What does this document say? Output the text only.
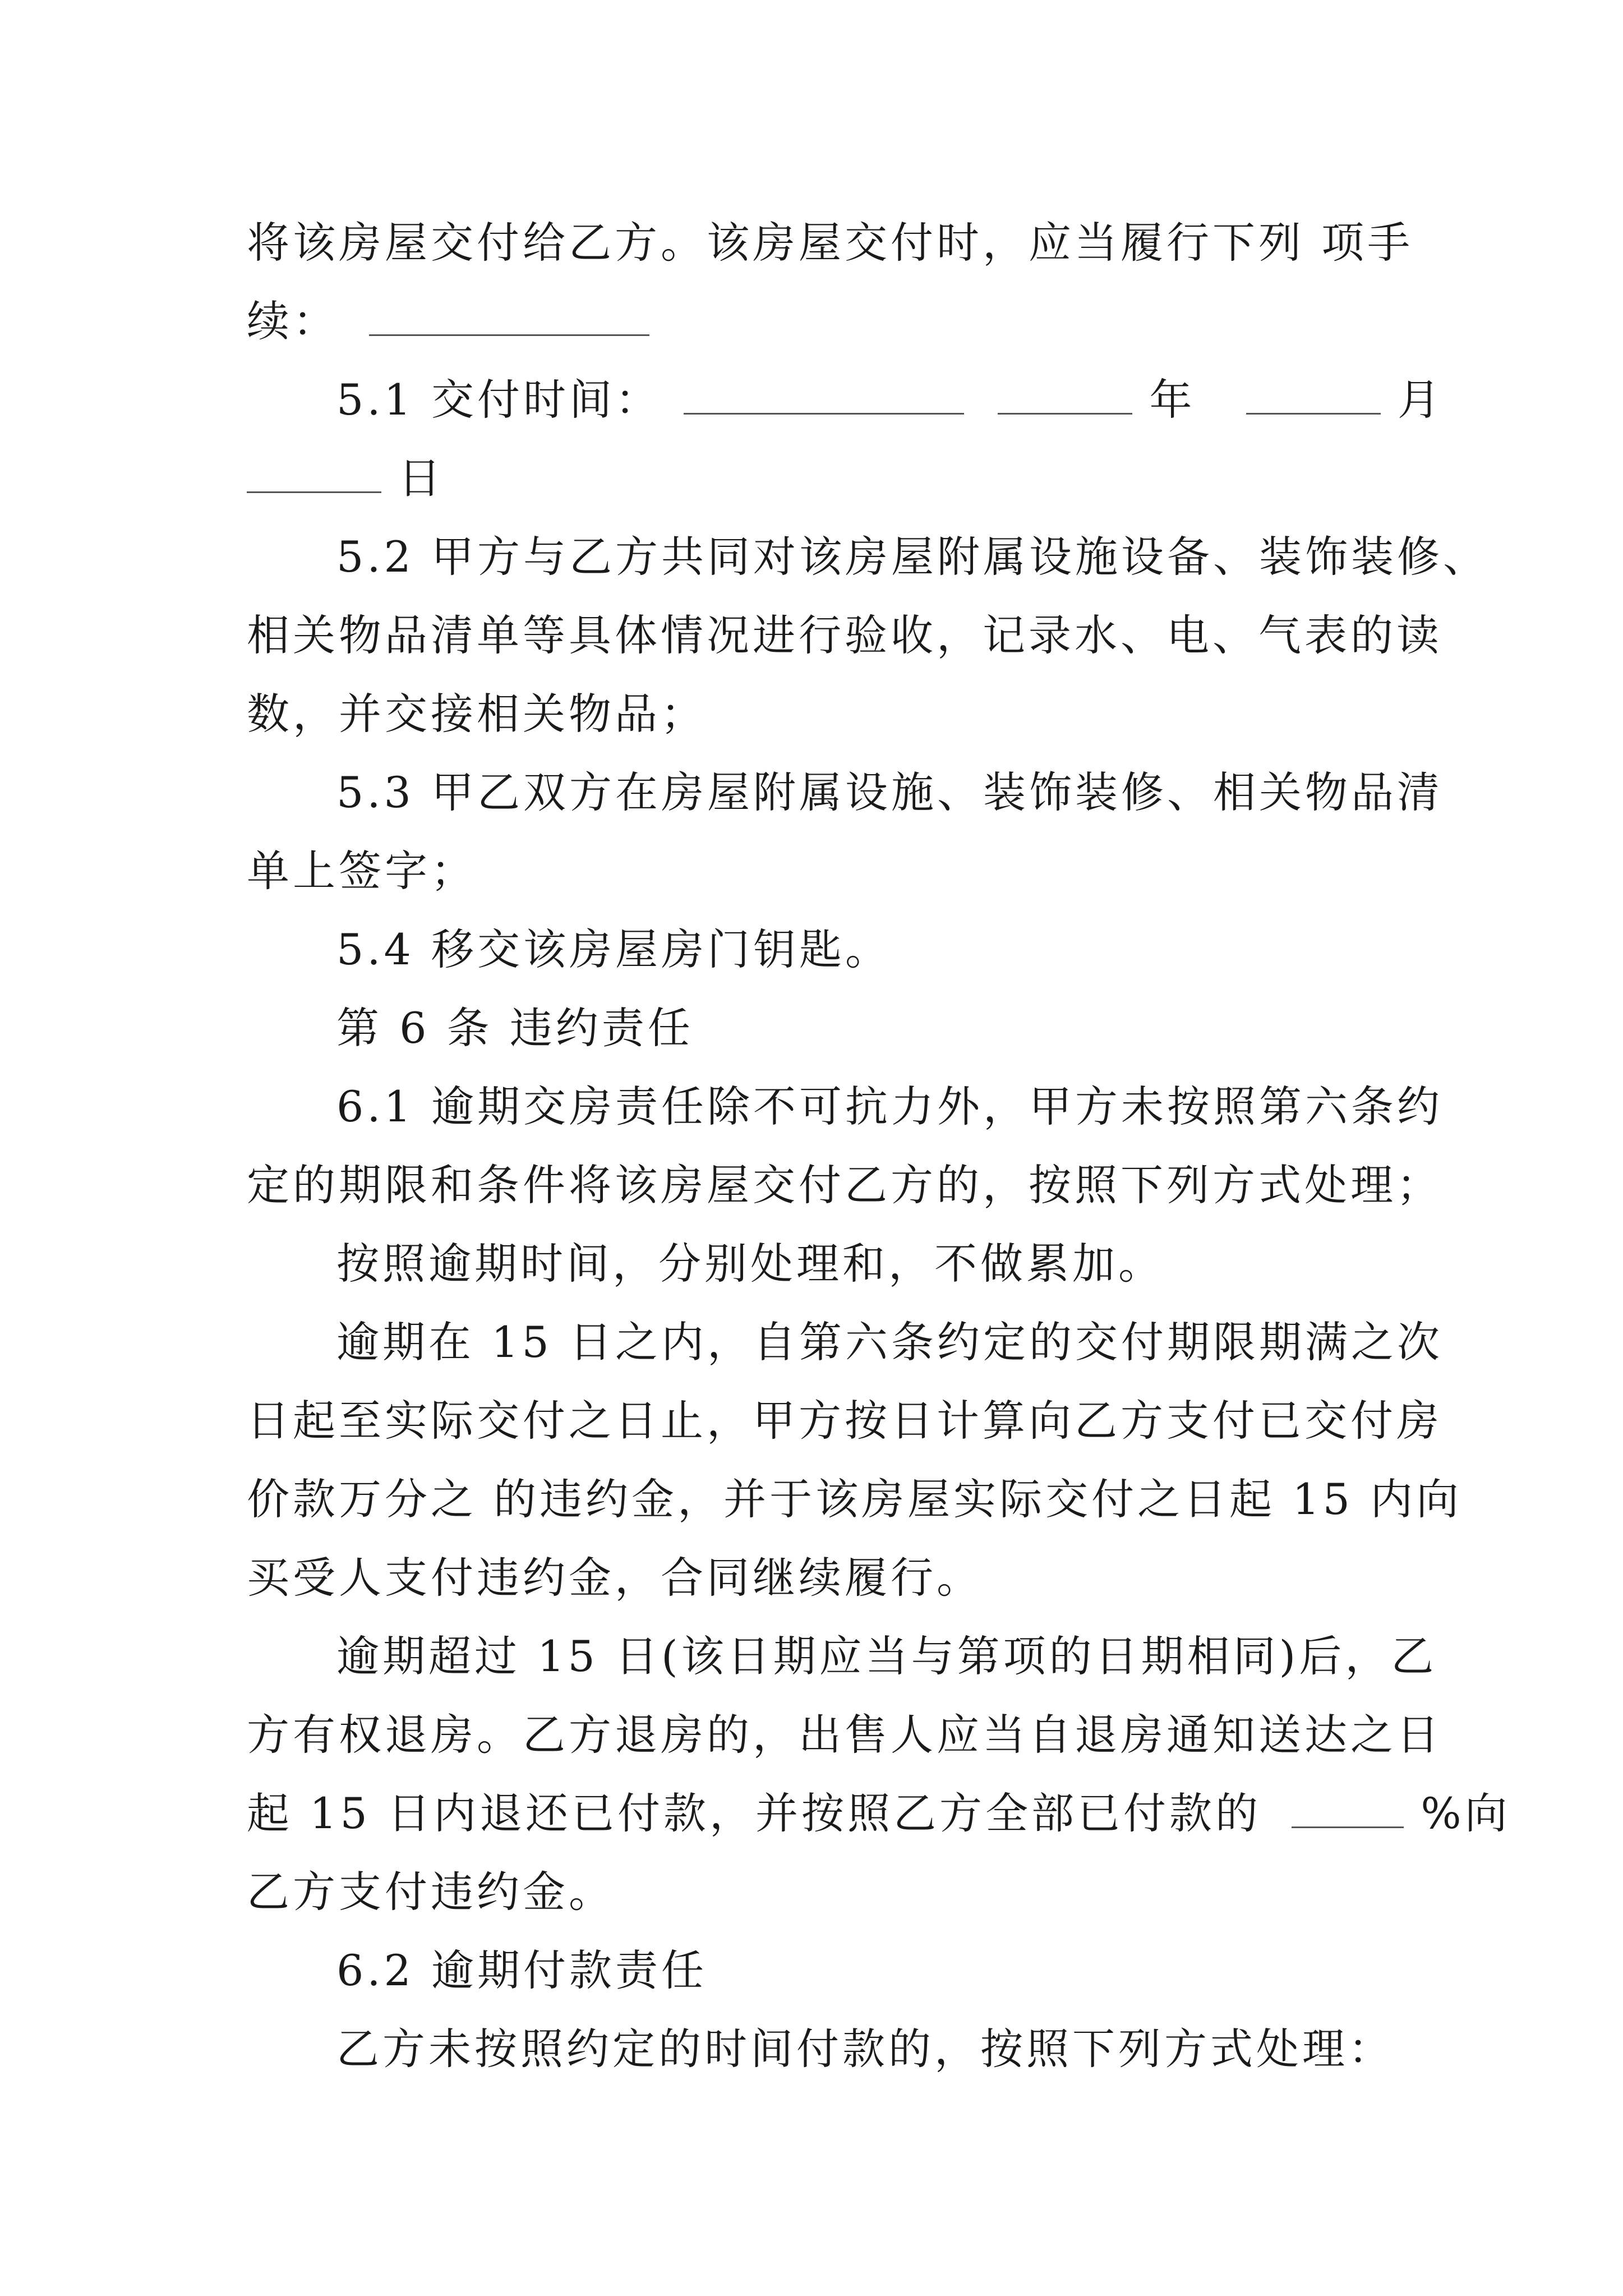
将该房屋交付给乙方。该房屋交付时，应当履行下列 项手

续：

5.1 交付时间：	年	月

日

5.2 甲方与乙方共同对该房屋附属设施设备、装饰装修、

相关物品清单等具体情况进行验收，记录水、电、气表的读

数，并交接相关物品；

5.3 甲乙双方在房屋附属设施、装饰装修、相关物品清

单上签字；

5.4 移交该房屋房门钥匙。

第 6 条 违约责任

6.1 逾期交房责任除不可抗力外，甲方未按照第六条约

定的期限和条件将该房屋交付乙方的，按照下列方式处理；

按照逾期时间，分别处理和，不做累加。

逾期在 15 日之内，自第六条约定的交付期限期满之次

日起至实际交付之日止，甲方按日计算向乙方支付已交付房

价款万分之 的违约金，并于该房屋实际交付之日起 15 内向

买受人支付违约金，合同继续履行。

逾期超过 15 日(该日期应当与第项的日期相同)后，乙

方有权退房。乙方退房的，出售人应当自退房通知送达之日

起 15 日内退还已付款，并按照乙方全部已付款的	%向

乙方支付违约金。

6.2 逾期付款责任

乙方未按照约定的时间付款的，按照下列方式处理：
